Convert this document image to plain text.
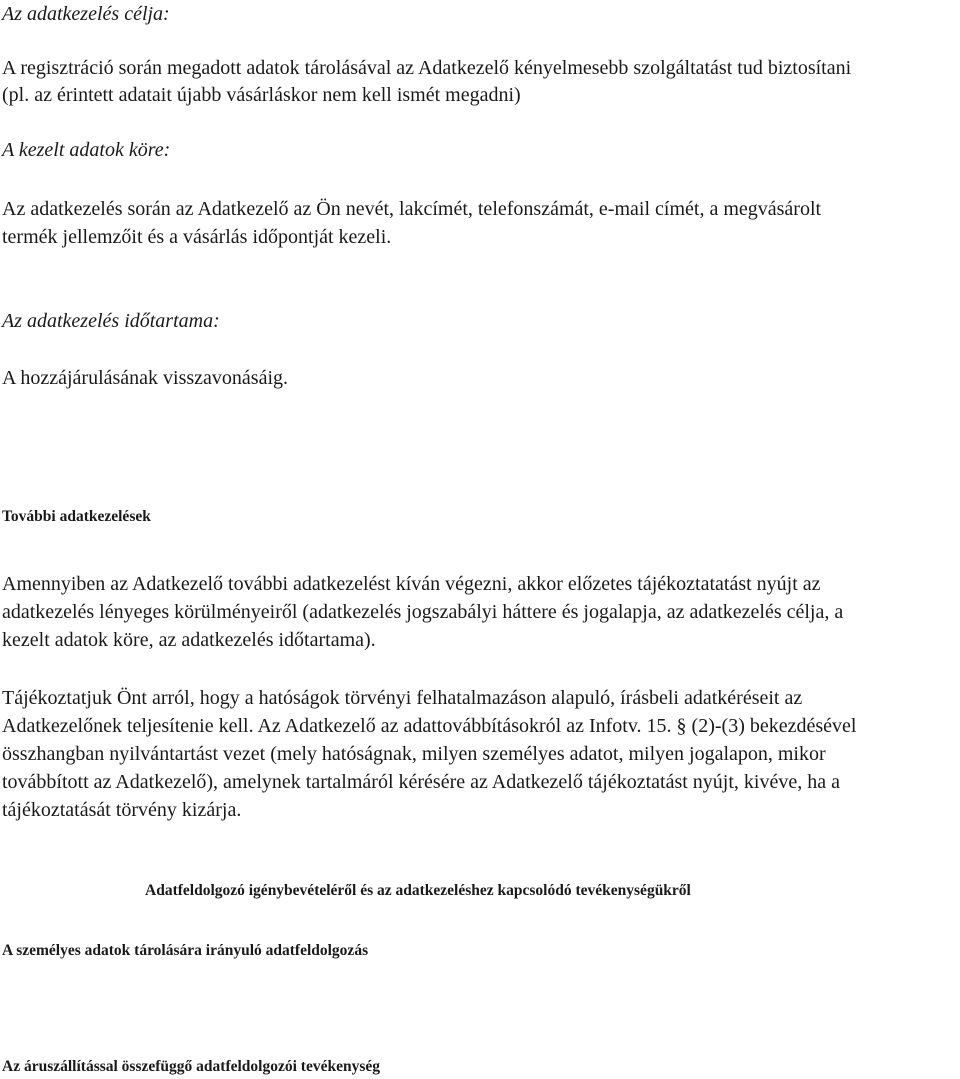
Az adatkezelés célja:
A regisztráció során megadott adatok tárolásával az Adatkezelő kényelmesebb szolgáltatást tud biztosítani
(pl. az érintett adatait újabb vásárláskor nem kell ismét megadni)
A kezelt adatok köre:
Az adatkezelés során az Adatkezelő az Ön nevét, lakcímét, telefonszámát, e-mail címét, a megvásárolt
termék jellemzőit és a vásárlás időpontját kezeli.
Az adatkezelés időtartama:
A hozzájárulásának visszavonásáig.
További adatkezelések
Amennyiben az Adatkezelő további adatkezelést kíván végezni, akkor előzetes tájékoztatatást nyújt az
adatkezelés lényeges körülményeiről (adatkezelés jogszabályi háttere és jogalapja, az adatkezelés célja, a
kezelt adatok köre, az adatkezelés időtartama).
Tájékoztatjuk Önt arról, hogy a hatóságok törvényi felhatalmazáson alapuló, írásbeli adatkéréseit az
Adatkezelőnek teljesítenie kell. Az Adatkezelő az adattovábbításokról az Infotv. 15. § (2)-(3) bekezdésével
összhangban nyilvántartást vezet (mely hatóságnak, milyen személyes adatot, milyen jogalapon, mikor
továbbított az Adatkezelő), amelynek tartalmáról kérésére az Adatkezelő tájékoztatást nyújt, kivéve, ha a
tájékoztatását törvény kizárja.
Adatfeldolgozó igénybevételéről és az adatkezeléshez kapcsolódó tevékenységükről
A személyes adatok tárolására irányuló adatfeldolgozás
Az áruszállítással összefüggő adatfeldolgozói tevékenység
